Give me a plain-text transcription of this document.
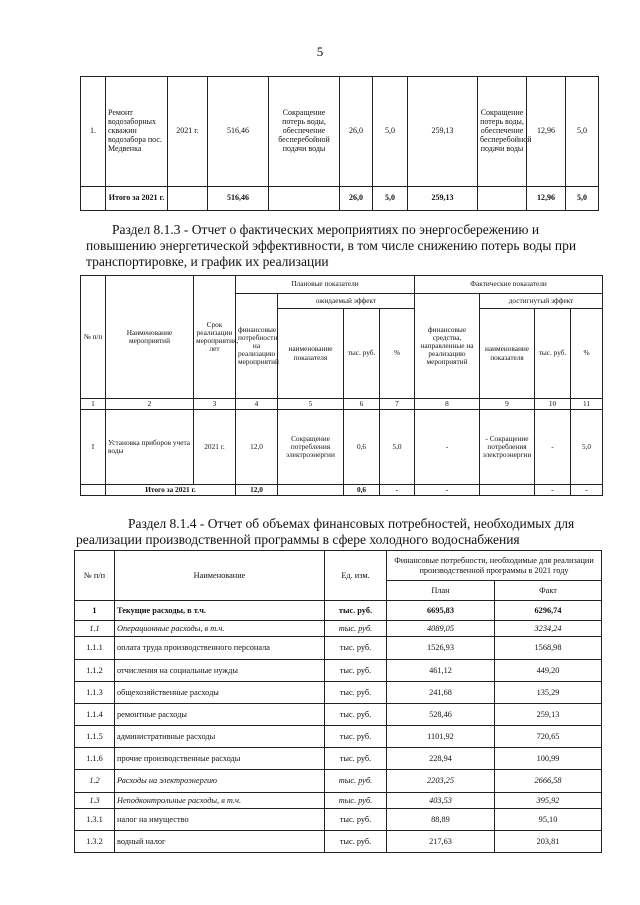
5
1.	Ремонт водозаборных скважин водозабора пос. Медвенка	2021 г.	516,46	Сокращение потерь воды, обеспечение бесперебойной подачи воды	26,0	5,0	259,13	Сокращение потерь воды, обеспечение бесперебойной подачи воды	12,96	5,0
	Итого за 2021 г.		516,46		26,0	5,0	259,13		12,96	5,0
Раздел 8.1.3 - Отчет о фактических мероприятиях по энергосбережению и повышению энергетической эффективности, в том числе снижению потерь воды при транспортировке, и график их реализации
№ п/п	Наименование мероприятий	Срок реализации мероприятия, лет	Плановые показатели				Фактические показатели			
			финансовые потребности на реализацию мероприятий	ожидаемый эффект			финансовые средства, направленные на реализацию мероприятий	достигнутый эффект		
				наименование показателя	тыс. руб.	%		наименование показателя	тыс. руб.	%
1	2	3	4	5	6	7	8	9	10	11
I	Установка приборов учета воды	2021 г.	12,0	Сокращение потребления электроэнергии	0,6	5,0	-	- Сокращение потребления электроэнергии	-	5,0
	Итого за 2021 г.		12,0		0,6	-	-		-	-
Раздел 8.1.4 - Отчет об объемах финансовых потребностей, необходимых для реализации производственной программы в сфере холодного водоснабжения
№ п/п	Наименование	Ед. изм.	Финансовые потребности, необходимые для реализации производственной программы в 2021 году	
			План	Факт
1	Текущие расходы, в т.ч.	тыс. руб.	6695,83	6296,74
1.1	Операционные расходы, в т.ч.	тыс. руб.	4089,05	3234,24
1.1.1	оплата труда производственного персонала	тыс. руб.	1526,93	1568,98
1.1.2	отчисления на социальные нужды	тыс. руб.	461,12	449,20
1.1.3	общехозяйственные расходы	тыс. руб.	241,68	135,29
1.1.4	ремонтные расходы	тыс. руб.	528,46	259,13
1.1.5	административные расходы	тыс. руб.	1101,92	720,65
1.1.6	прочие производственные расходы	тыс. руб.	228,94	100,99
1.2	Расходы на электроэнергию	тыс. руб.	2203,25	2666,58
1.3	Неподконтрольные расходы, в т.ч.	тыс. руб.	403,53	395,92
1.3.1	налог на имущество	тыс. руб.	88,89	95,10
1.3.2	водный налог	тыс. руб.	217,63	203,81
